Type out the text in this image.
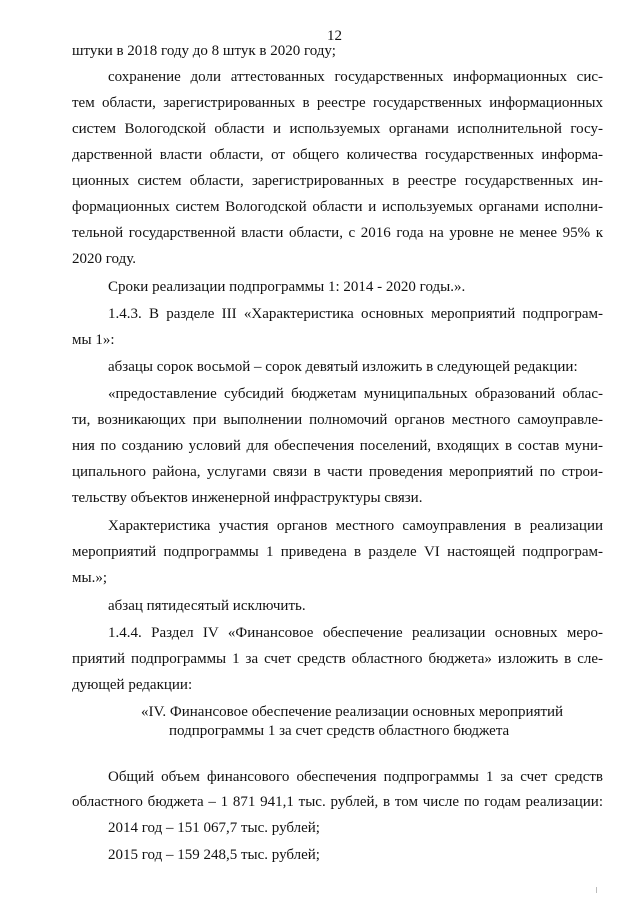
12
штуки в 2018 году до 8 штук в 2020 году;
сохранение доли аттестованных государственных информационных сис-
тем области, зарегистрированных в реестре государственных информационных
систем Вологодской области и используемых органами исполнительной госу-
дарственной власти области, от общего количества государственных информа-
ционных систем области, зарегистрированных в реестре государственных ин-
формационных систем Вологодской области и используемых органами исполни-
тельной государственной власти области, с 2016 года на уровне не менее 95% к
2020 году.
Сроки реализации подпрограммы 1: 2014 - 2020 годы.».
1.4.3. В разделе III «Характеристика основных мероприятий подпрограм-
мы 1»:
абзацы сорок восьмой – сорок девятый изложить в следующей редакции:
«предоставление субсидий бюджетам муниципальных образований облас-
ти, возникающих при выполнении полномочий органов местного самоуправле-
ния по созданию условий для обеспечения поселений, входящих в состав муни-
ципального района, услугами связи в части проведения мероприятий по строи-
тельству объектов инженерной инфраструктуры связи.
Характеристика участия органов местного самоуправления в реализации
мероприятий подпрограммы 1 приведена в разделе VI настоящей подпрограм-
мы.»;
абзац пятидесятый исключить.
1.4.4. Раздел IV «Финансовое обеспечение реализации основных меро-
приятий подпрограммы 1 за счет средств областного бюджета» изложить в сле-
дующей редакции:
«IV. Финансовое обеспечение реализации основных мероприятий
подпрограммы 1 за счет средств областного бюджета
Общий объем финансового обеспечения подпрограммы 1 за счет средств
областного бюджета – 1 871 941,1 тыс. рублей, в том числе по годам реализации:
2014 год – 151 067,7 тыс. рублей;
2015 год – 159 248,5 тыс. рублей;
